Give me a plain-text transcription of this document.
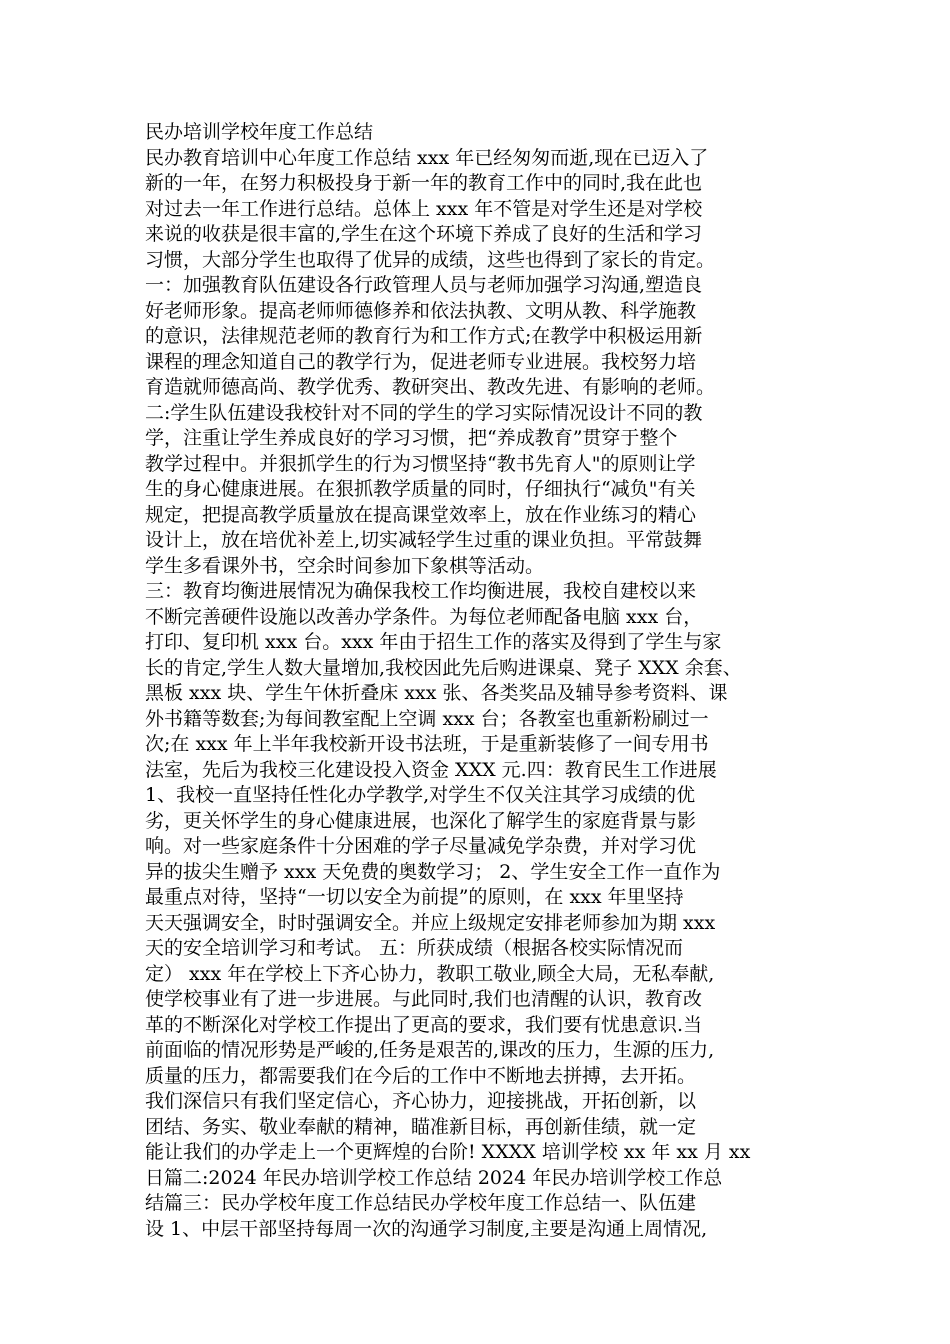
民办培训学校年度工作总结
民办教育培训中心年度工作总结 xxx 年已经匆匆而逝,现在已迈入了
新的一年，在努力积极投身于新一年的教育工作中的同时,我在此也
对过去一年工作进行总结。总体上 xxx 年不管是对学生还是对学校
来说的收获是很丰富的,学生在这个环境下养成了良好的生活和学习
习惯，大部分学生也取得了优异的成绩，这些也得到了家长的肯定。
一：加强教育队伍建设各行政管理人员与老师加强学习沟通,塑造良
好老师形象。提高老师师德修养和依法执教、文明从教、科学施教
的意识，法律规范老师的教育行为和工作方式;在教学中积极运用新
课程的理念知道自己的教学行为，促进老师专业进展。我校努力培
育造就师德高尚、教学优秀、教研突出、教改先进、有影响的老师。
二:学生队伍建设我校针对不同的学生的学习实际情况设计不同的教
学，注重让学生养成良好的学习习惯，把“养成教育”贯穿于整个
教学过程中。并狠抓学生的行为习惯坚持“教书先育人"的原则让学
生的身心健康进展。在狠抓教学质量的同时，仔细执行“减负"有关
规定，把提高教学质量放在提高课堂效率上，放在作业练习的精心
设计上，放在培优补差上,切实减轻学生过重的课业负担。平常鼓舞
学生多看课外书，空余时间参加下象棋等活动。
三：教育均衡进展情况为确保我校工作均衡进展，我校自建校以来
不断完善硬件设施以改善办学条件。为每位老师配备电脑 xxx 台，
打印、复印机 xxx 台。xxx 年由于招生工作的落实及得到了学生与家
长的肯定,学生人数大量增加,我校因此先后购进课桌、凳子 XXX 余套、
黑板 xxx 块、学生午休折叠床 xxx 张、各类奖品及辅导参考资料、课
外书籍等数套;为每间教室配上空调 xxx 台；各教室也重新粉刷过一
次;在 xxx 年上半年我校新开设书法班，于是重新装修了一间专用书
法室，先后为我校三化建设投入资金 XXX 元.四：教育民生工作进展
1、我校一直坚持任性化办学教学,对学生不仅关注其学习成绩的优
劣，更关怀学生的身心健康进展，也深化了解学生的家庭背景与影
响。对一些家庭条件十分困难的学子尽量减免学杂费，并对学习优
异的拔尖生赠予 xxx 天免费的奥数学习； 2、学生安全工作一直作为
最重点对待，坚持“一切以安全为前提”的原则，在 xxx 年里坚持
天天强调安全，时时强调安全。并应上级规定安排老师参加为期 xxx
天的安全培训学习和考试。 五：所获成绩（根据各校实际情况而
定） xxx 年在学校上下齐心协力，教职工敬业,顾全大局，无私奉献,
使学校事业有了进一步进展。与此同时,我们也清醒的认识，教育改
革的不断深化对学校工作提出了更高的要求，我们要有忧患意识.当
前面临的情况形势是严峻的,任务是艰苦的,课改的压力，生源的压力,
质量的压力，都需要我们在今后的工作中不断地去拼搏，去开拓。
我们深信只有我们坚定信心，齐心协力，迎接挑战，开拓创新，以
团结、务实、敬业奉献的精神，瞄准新目标，再创新佳绩，就一定
能让我们的办学走上一个更辉煌的台阶! XXXX 培训学校 xx 年 xx 月 xx
日篇二:2024 年民办培训学校工作总结 2024 年民办培训学校工作总
结篇三：民办学校年度工作总结民办学校年度工作总结一、队伍建
设 1、中层干部坚持每周一次的沟通学习制度,主要是沟通上周情况,
